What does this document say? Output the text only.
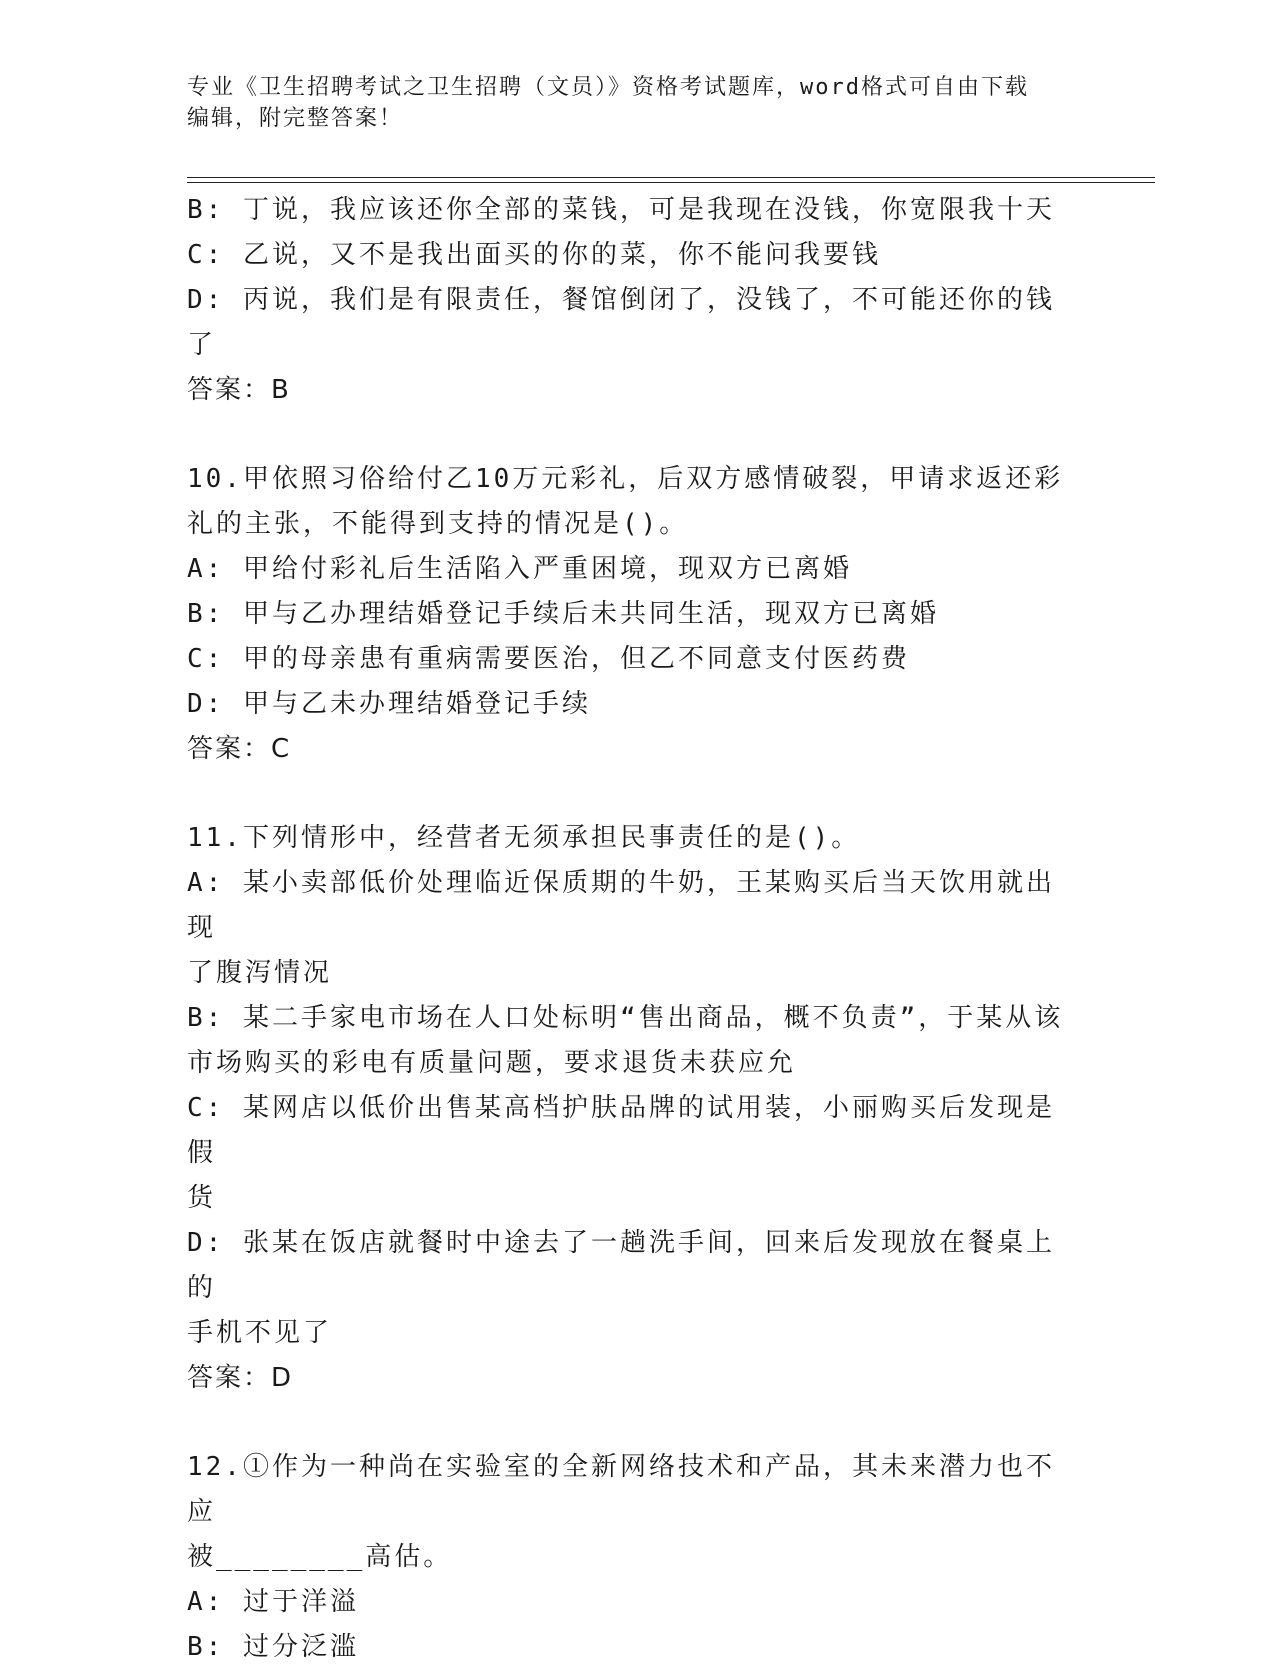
专业《卫生招聘考试之卫生招聘（文员）》资格考试题库，word格式可自由下载
编辑，附完整答案！

B: 丁说，我应该还你全部的菜钱，可是我现在没钱，你宽限我十天

C: 乙说，又不是我出面买的你的菜，你不能问我要钱

D: 丙说，我们是有限责任，餐馆倒闭了，没钱了，不可能还你的钱了

答案：B

10.甲依照习俗给付乙10万元彩礼，后双方感情破裂，甲请求返还彩

礼的主张，不能得到支持的情况是()。

A: 甲给付彩礼后生活陷入严重困境，现双方已离婚

B: 甲与乙办理结婚登记手续后未共同生活，现双方已离婚

C: 甲的母亲患有重病需要医治，但乙不同意支付医药费

D: 甲与乙未办理结婚登记手续

答案：C

11.下列情形中，经营者无须承担民事责任的是()。

A: 某小卖部低价处理临近保质期的牛奶，王某购买后当天饮用就出现

了腹泻情况

B: 某二手家电市场在人口处标明“售出商品，概不负责”，于某从该

市场购买的彩电有质量问题，要求退货未获应允

C: 某网店以低价出售某高档护肤品牌的试用装，小丽购买后发现是假

货

D: 张某在饭店就餐时中途去了一趟洗手间，回来后发现放在餐桌上的

手机不见了

答案：D

12.①作为一种尚在实验室的全新网络技术和产品，其未来潜力也不应

被________高估。

A: 过于洋溢

B: 过分泛滥
